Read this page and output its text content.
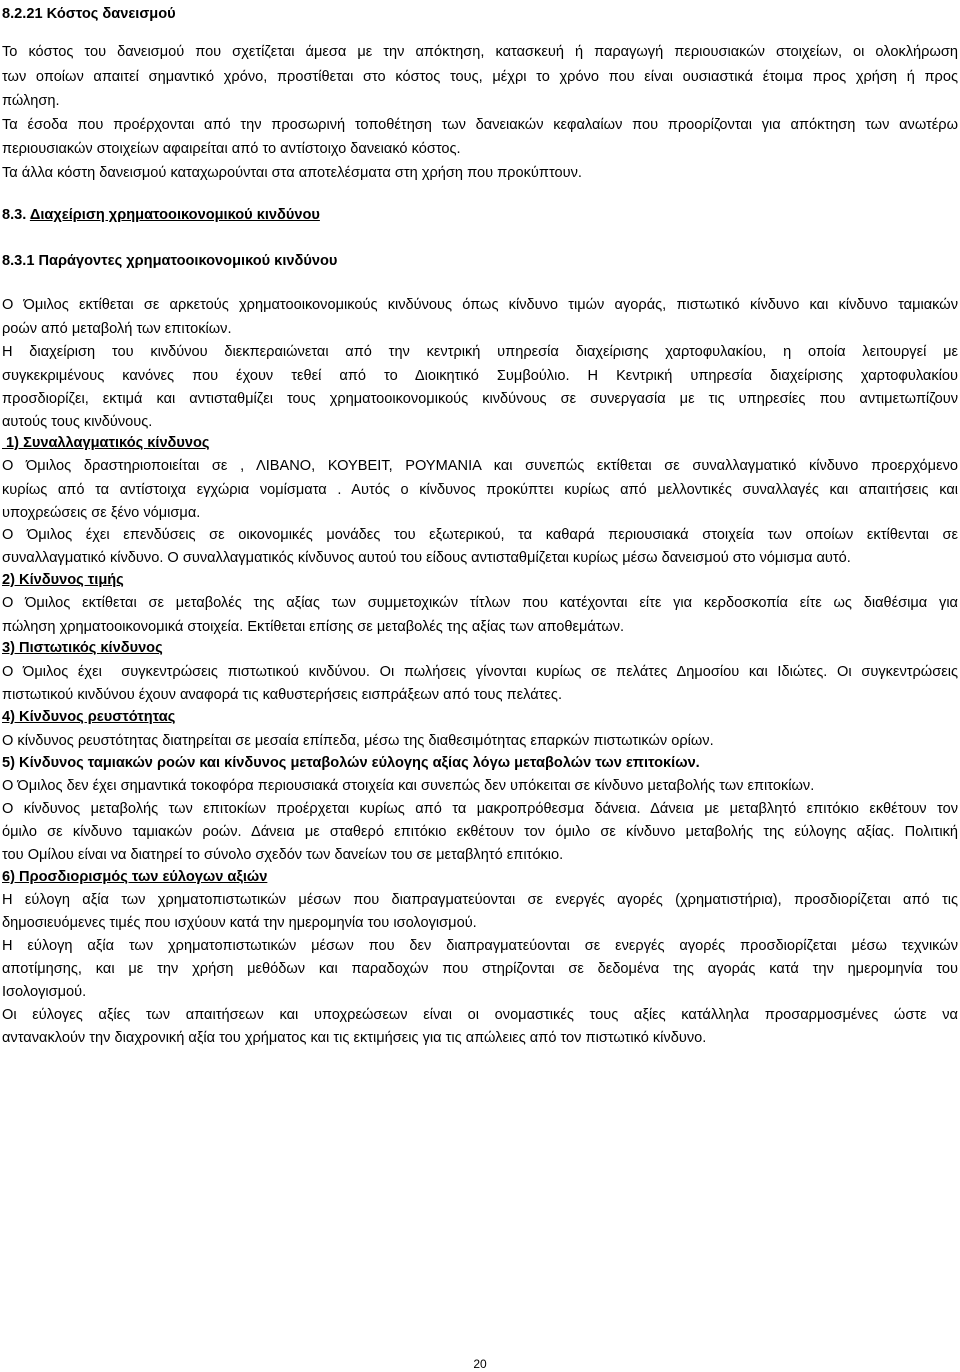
8.2.21 Κόστος δανεισμού
Το κόστος του δανεισμού που σχετίζεται άμεσα με την απόκτηση, κατασκευή ή παραγωγή περιουσιακών στοιχείων, οι ολοκλήρωση
των οποίων απαιτεί σημαντικό χρόνο, προστίθεται στο κόστος τους, μέχρι το χρόνο που είναι ουσιαστικά έτοιμα προς χρήση ή προς
πώληση.
Τα έσοδα που προέρχονται από την προσωρινή τοποθέτηση των δανειακών κεφαλαίων που προορίζονται για απόκτηση των ανωτέρω
περιουσιακών στοιχείων αφαιρείται από το αντίστοιχο δανειακό κόστος.
Τα άλλα κόστη δανεισμού καταχωρούνται στα αποτελέσματα στη χρήση που προκύπτουν.
8.3. Διαχείριση χρηματοοικονομικού κινδύνου
8.3.1 Παράγοντες χρηματοοικονομικού κινδύνου
Ο Όμιλος εκτίθεται σε αρκετούς χρηματοοικονομικούς κινδύνους όπως κίνδυνο τιμών αγοράς, πιστωτικό κίνδυνο και κίνδυνο ταμιακών
ροών από μεταβολή των επιτοκίων.
Η διαχείριση του κινδύνου διεκπεραιώνεται από την κεντρική υπηρεσία διαχείρισης χαρτοφυλακίου, η οποία λειτουργεί με
συγκεκριμένους κανόνες που έχουν τεθεί από το Διοικητικό Συμβούλιο. Η Κεντρική υπηρεσία διαχείρισης χαρτοφυλακίου
προσδιορίζει, εκτιμά και αντισταθμίζει τους χρηματοοικονομικούς κινδύνους σε συνεργασία με τις υπηρεσίες που αντιμετωπίζουν
αυτούς τους κινδύνους.
1) Συναλλαγματικός κίνδυνος
Ο Όμιλος δραστηριοποιείται σε , ΛΙΒΑΝΟ, ΚΟΥΒΕΙΤ, ΡΟΥΜΑΝΙΑ και συνεπώς εκτίθεται σε συναλλαγματικό κίνδυνο προερχόμενο
κυρίως από τα αντίστοιχα εγχώρια νομίσματα . Αυτός ο κίνδυνος προκύπτει κυρίως από μελλοντικές συναλλαγές και απαιτήσεις και
υποχρεώσεις σε ξένο νόμισμα.
Ο Όμιλος έχει επενδύσεις σε οικονομικές μονάδες του εξωτερικού, τα καθαρά περιουσιακά στοιχεία των οποίων εκτίθενται σε
συναλλαγματικό κίνδυνο. Ο συναλλαγματικός κίνδυνος αυτού του είδους αντισταθμίζεται κυρίως μέσω δανεισμού στο νόμισμα αυτό.
2) Κίνδυνος τιμής
Ο Όμιλος εκτίθεται σε μεταβολές της αξίας των συμμετοχικών τίτλων που κατέχονται είτε για κερδοσκοπία είτε ως διαθέσιμα για
πώληση χρηματοοικονομικά στοιχεία. Εκτίθεται επίσης σε μεταβολές της αξίας των αποθεμάτων.
3) Πιστωτικός κίνδυνος
Ο Όμιλος έχει  συγκεντρώσεις πιστωτικού κινδύνου. Οι πωλήσεις γίνονται κυρίως σε πελάτες Δημοσίου και Ιδιώτες. Οι συγκεντρώσεις
πιστωτικού κινδύνου έχουν αναφορά τις καθυστερήσεις εισπράξεων από τους πελάτες.
4) Κίνδυνος ρευστότητας
Ο κίνδυνος ρευστότητας διατηρείται σε μεσαία επίπεδα, μέσω της διαθεσιμότητας επαρκών πιστωτικών ορίων.
5) Κίνδυνος ταμιακών ροών και κίνδυνος μεταβολών εύλογης αξίας λόγω μεταβολών των επιτοκίων.
Ο Όμιλος δεν έχει σημαντικά τοκοφόρα περιουσιακά στοιχεία και συνεπώς δεν υπόκειται σε κίνδυνο μεταβολής των επιτοκίων.
Ο κίνδυνος μεταβολής των επιτοκίων προέρχεται κυρίως από τα μακροπρόθεσμα δάνεια. Δάνεια με μεταβλητό επιτόκιο εκθέτουν τον
όμιλο σε κίνδυνο ταμιακών ροών. Δάνεια με σταθερό επιτόκιο εκθέτουν τον όμιλο σε κίνδυνο μεταβολής της εύλογης αξίας. Πολιτική
του Ομίλου είναι να διατηρεί το σύνολο σχεδόν των δανείων του σε μεταβλητό επιτόκιο.
6) Προσδιορισμός των εύλογων αξιών
Η εύλογη αξία των χρηματοπιστωτικών μέσων που διαπραγματεύονται σε ενεργές αγορές (χρηματιστήρια), προσδιορίζεται από τις
δημοσιευόμενες τιμές που ισχύουν κατά την ημερομηνία του ισολογισμού.
Η εύλογη αξία των χρηματοπιστωτικών μέσων που δεν διαπραγματεύονται σε ενεργές αγορές προσδιορίζεται μέσω τεχνικών
αποτίμησης, και με την χρήση μεθόδων και παραδοχών που στηρίζονται σε δεδομένα της αγοράς κατά την ημερομηνία του
Ισολογισμού.
Οι εύλογες αξίες των απαιτήσεων και υποχρεώσεων είναι οι ονομαστικές τους αξίες κατάλληλα προσαρμοσμένες ώστε να
αντανακλούν την διαχρονική αξία του χρήματος και τις εκτιμήσεις για τις απώλειες από τον πιστωτικό κίνδυνο.
20
